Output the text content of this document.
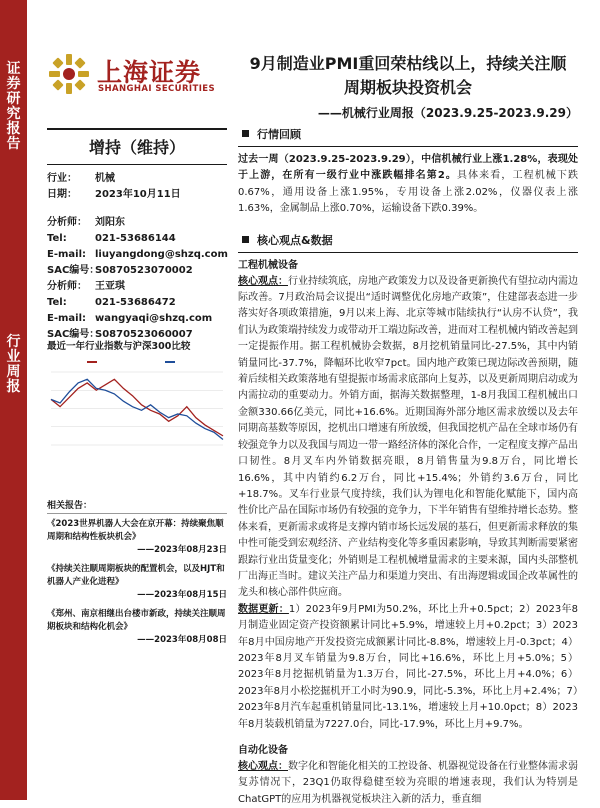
证券研究报告
行业周报
上海证券
SHANGHAI SECURITIES
9月制造业PMI重回荣枯线以上，持续关注顺
周期板块投资机会
——机械行业周报（2023.9.25-2023.9.29）
增持（维持）
行业： 机械
日期： 2023年10月11日
分析师： 刘阳东
Tel:	021-53686144
E-mail: liuyangdong@shzq.com
SAC编号：S0870523070002
分析师： 王亚琪
Tel:	021-53686472
E-mail: wangyaqi@shzq.com
SAC编号：S0870523060007
最近一年行业指数与沪深300比较
相关报告：
《2023世界机器人大会在京开幕：持续聚焦顺周期和结构性板块机会》
——2023年08月23日
《持续关注顺周期板块的配置机会，以及HJT和机器人产业化进程》
——2023年08月15日
《郑州、南京相继出台楼市新政，持续关注顺周期板块和结构化机会》
——2023年08月08日
行情回顾
过去一周（2023.9.25-2023.9.29），中信机械行业上涨1.28%，表现处于上游，在所有一级行业中涨跌幅排名第2。具体来看，工程机械下跌0.67%，通用设备上涨1.95%，专用设备上涨2.02%，仪器仪表上涨1.63%，金属制品上涨0.70%，运输设备下跌0.39%。
核心观点&数据
工程机械设备
核心观点：行业持续筑底，房地产政策发力以及设备更新换代有望拉动内需边际改善。7月政治局会议提出“适时调整优化房地产政策”，住建部表态进一步落实好各项政策措施，9月以来上海、北京等城市陆续执行“认房不认贷”，我们认为政策端持续发力或带动开工端边际改善，进而对工程机械内销改善起到一定提振作用。据工程机械协会数据，8月挖机销量同比-27.5%，其中内销销量同比-37.7%，降幅环比收窄7pct。国内地产政策已现边际改善预期，随着后续相关政策落地有望提振市场需求底部向上复苏，以及更新周期启动或为内需拉动的重要动力。外销方面，据海关数据整理，1-8月我国工程机械出口金额330.66亿美元，同比+16.6%。近期国海外部分地区需求放缓以及去年同期高基数等原因，挖机出口增速有所放缓，但我国挖机产品在全球市场仍有较强竞争力以及我国与周边一带一路经济体的深化合作，一定程度支撑产品出口韧性。8月叉车内外销数据亮眼，8月销售量为9.8万台，同比增长16.6%，其中内销约6.2万台，同比+15.4%；外销约3.6万台，同比+18.7%。叉车行业景气度持续，我们认为锂电化和智能化赋能下，国内高性价比产品在国际市场仍有较强的竞争力，下半年销售有望维持增长态势。整体来看，更新需求或将是支撑内销市场长远发展的基石，但更新需求释放的集中性可能受到宏观经济、产业结构变化等多重因素影响，导致其判断需要紧密跟踪行业出货量变化；外销则是工程机械增量需求的主要来源，国内头部整机厂出海正当时。建议关注产品力和渠道力突出、有出海逻辑或国企改革属性的龙头和核心部件供应商。
数据更新：1）2023年9月PMI为50.2%，环比上升+0.5pct；2）2023年8月制造业固定资产投资额累计同比+5.9%，增速较上月+0.2pct；3）2023年8月中国房地产开发投资完成额累计同比-8.8%，增速较上月-0.3pct；4）2023年8月叉车销量为9.8万台，同比+16.6%，环比上月+5.0%；5）2023年8月挖掘机销量为1.3万台，同比-27.5%，环比上月+4.0%；6）2023年8月小松挖掘机开工小时为90.9，同比-5.3%，环比上月+2.4%；7）2023年8月汽车起重机销量同比-13.1%，增速较上月+10.0pct；8）2023年8月装载机销量为7227.0台，同比-17.9%，环比上月+9.7%。
自动化设备
核心观点：数字化和智能化相关的工控设备、机器视觉设备在行业整体需求弱复苏情况下，23Q1仍取得稳健至较为亮眼的增速表现，我们认为特别是ChatGPT的应用为机器视觉板块注入新的活力，垂直细
